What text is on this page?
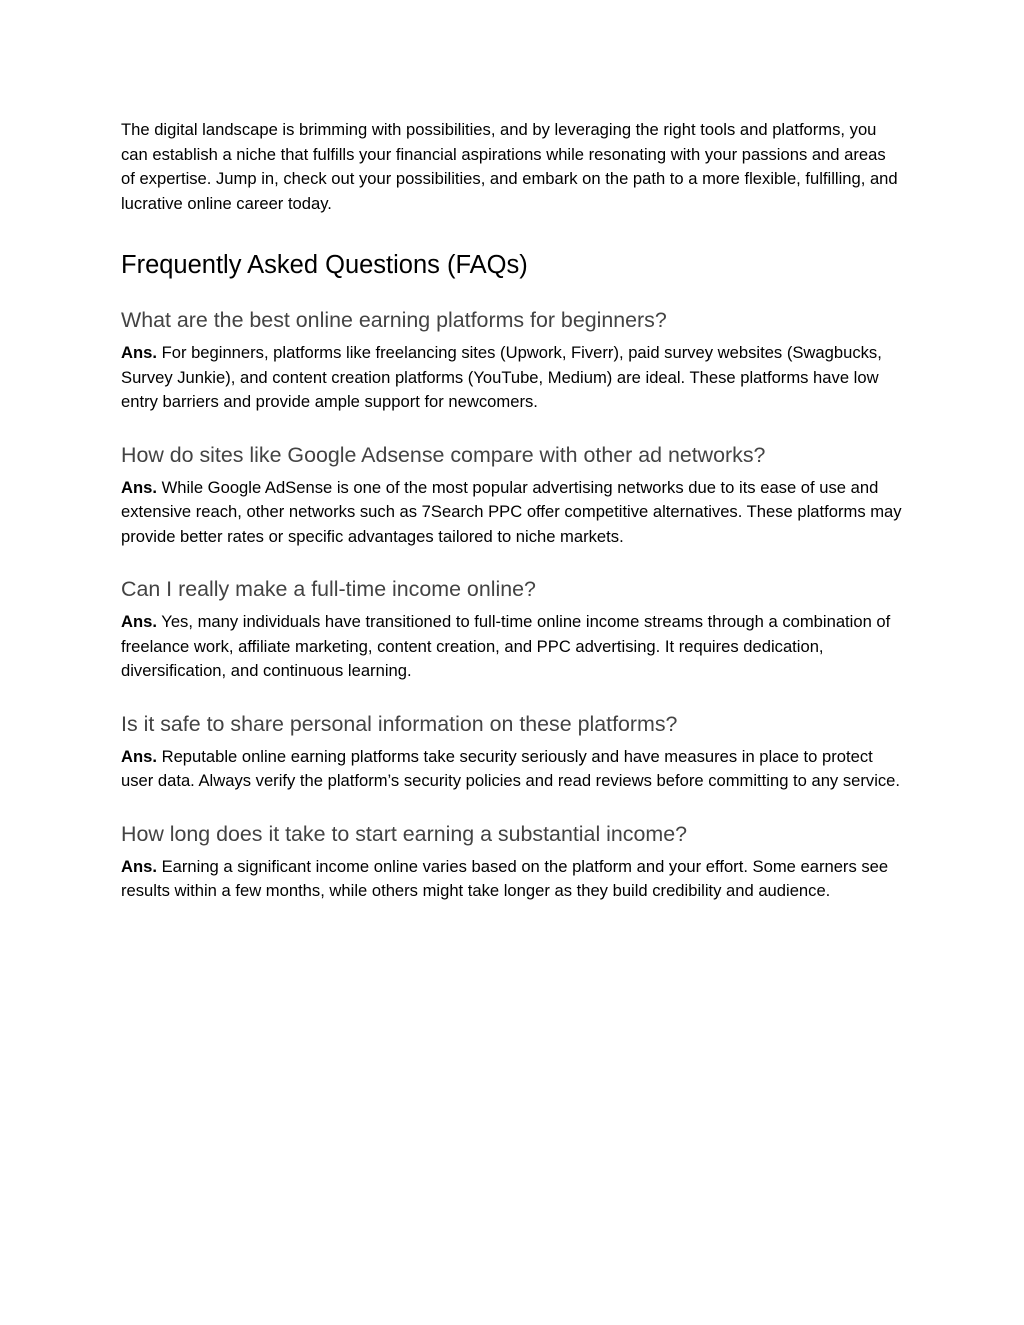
The digital landscape is brimming with possibilities, and by leveraging the right tools and platforms, you can establish a niche that fulfills your financial aspirations while resonating with your passions and areas of expertise. Jump in, check out your possibilities, and embark on the path to a more flexible, fulfilling, and lucrative online career today.

Frequently Asked Questions (FAQs)
What are the best online earning platforms for beginners?

Ans. For beginners, platforms like freelancing sites (Upwork, Fiverr), paid survey websites (Swagbucks, Survey Junkie), and content creation platforms (YouTube, Medium) are ideal. These platforms have low entry barriers and provide ample support for newcomers.

How do sites like Google Adsense compare with other ad networks?

Ans. While Google AdSense is one of the most popular advertising networks due to its ease of use and extensive reach, other networks such as 7Search PPC offer competitive alternatives. These platforms may provide better rates or specific advantages tailored to niche markets.

Can I really make a full-time income online?

Ans. Yes, many individuals have transitioned to full-time online income streams through a combination of freelance work, affiliate marketing, content creation, and PPC advertising. It requires dedication, diversification, and continuous learning.

Is it safe to share personal information on these platforms?

Ans. Reputable online earning platforms take security seriously and have measures in place to protect user data. Always verify the platform’s security policies and read reviews before committing to any service.

How long does it take to start earning a substantial income?

Ans. Earning a significant income online varies based on the platform and your effort. Some earners see results within a few months, while others might take longer as they build credibility and audience.
